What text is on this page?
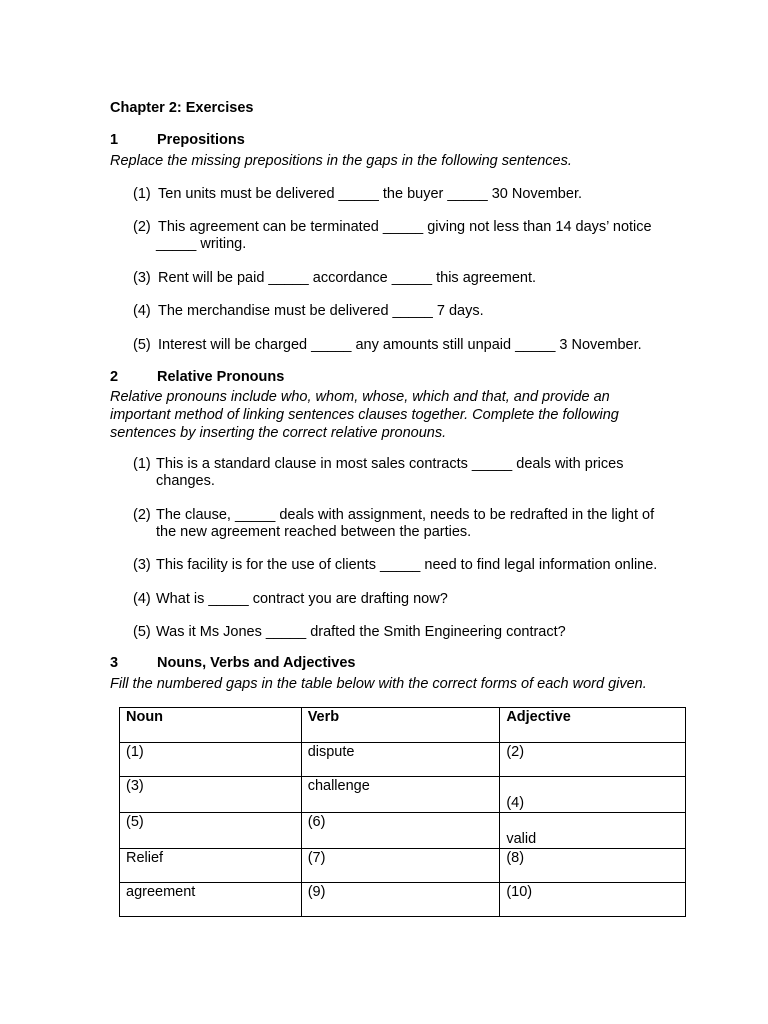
Chapter 2: Exercises
1	Prepositions
Replace the missing prepositions in the gaps in the following sentences.
(1) Ten units must be delivered _____ the buyer _____ 30 November.
(2) This agreement can be terminated _____ giving not less than 14 days’ notice
_____ writing.
(3) Rent will be paid _____ accordance _____ this agreement.
(4) The merchandise must be delivered _____ 7 days.
(5) Interest will be charged _____ any amounts still unpaid _____ 3 November.
2	Relative Pronouns
Relative pronouns include who, whom, whose, which and that, and provide an important method of linking sentences clauses together. Complete the following sentences by inserting the correct relative pronouns.
(1) This is a standard clause in most sales contracts _____ deals with prices
changes.
(2) The clause, _____ deals with assignment, needs to be redrafted in the light of
the new agreement reached between the parties.
(3) This facility is for the use of clients _____ need to find legal information online.
(4) What is _____ contract you are drafting now?
(5) Was it Ms Jones _____ drafted the Smith Engineering contract?
3	Nouns, Verbs and Adjectives
Fill the numbered gaps in the table below with the correct forms of each word given.
Noun	Verb	Adjective

(1)	dispute	(2)

(3)	challenge	(4)

(5)	(6)	valid

Relief	(7)	(8)

agreement	(9)	(10)
